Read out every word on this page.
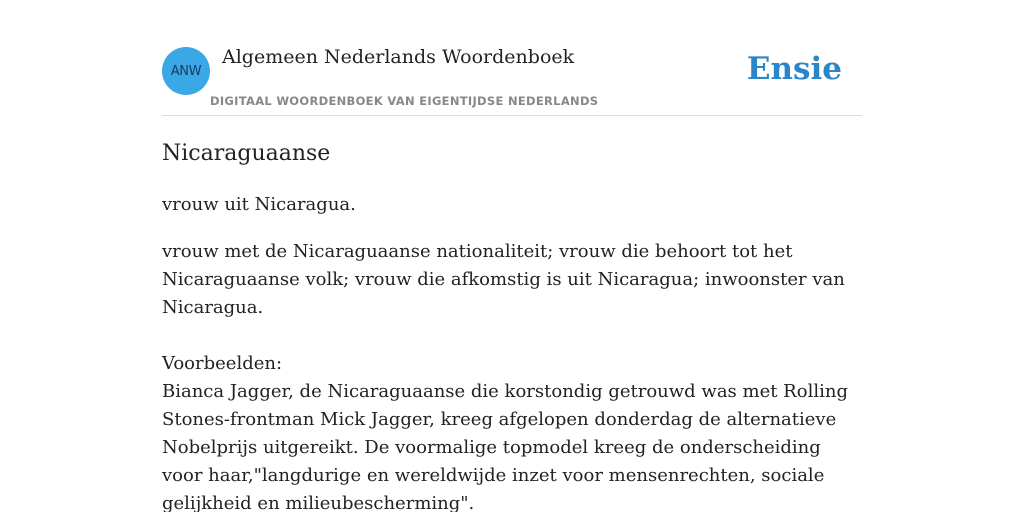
ANW
Algemeen Nederlands Woordenboek
DIGITAAL WOORDENBOEK VAN EIGENTIJDSE NEDERLANDS
Ensie
Nicaraguaanse

vrouw uit Nicaragua.

vrouw met de Nicaraguaanse nationaliteit; vrouw die behoort tot het Nicaraguaanse volk; vrouw die afkomstig is uit Nicaragua; inwoonster van Nicaragua.

Voorbeelden:

Bianca Jagger, de Nicaraguaanse die korstondig getrouwd was met Rolling Stones-frontman Mick Jagger, kreeg afgelopen donderdag de alternatieve Nobelprijs uitgereikt. De voormalige topmodel kreeg de onderscheiding voor haar,"langdurige en wereldwijde inzet voor mensenrechten, sociale gelijkheid en milieubescherming".
